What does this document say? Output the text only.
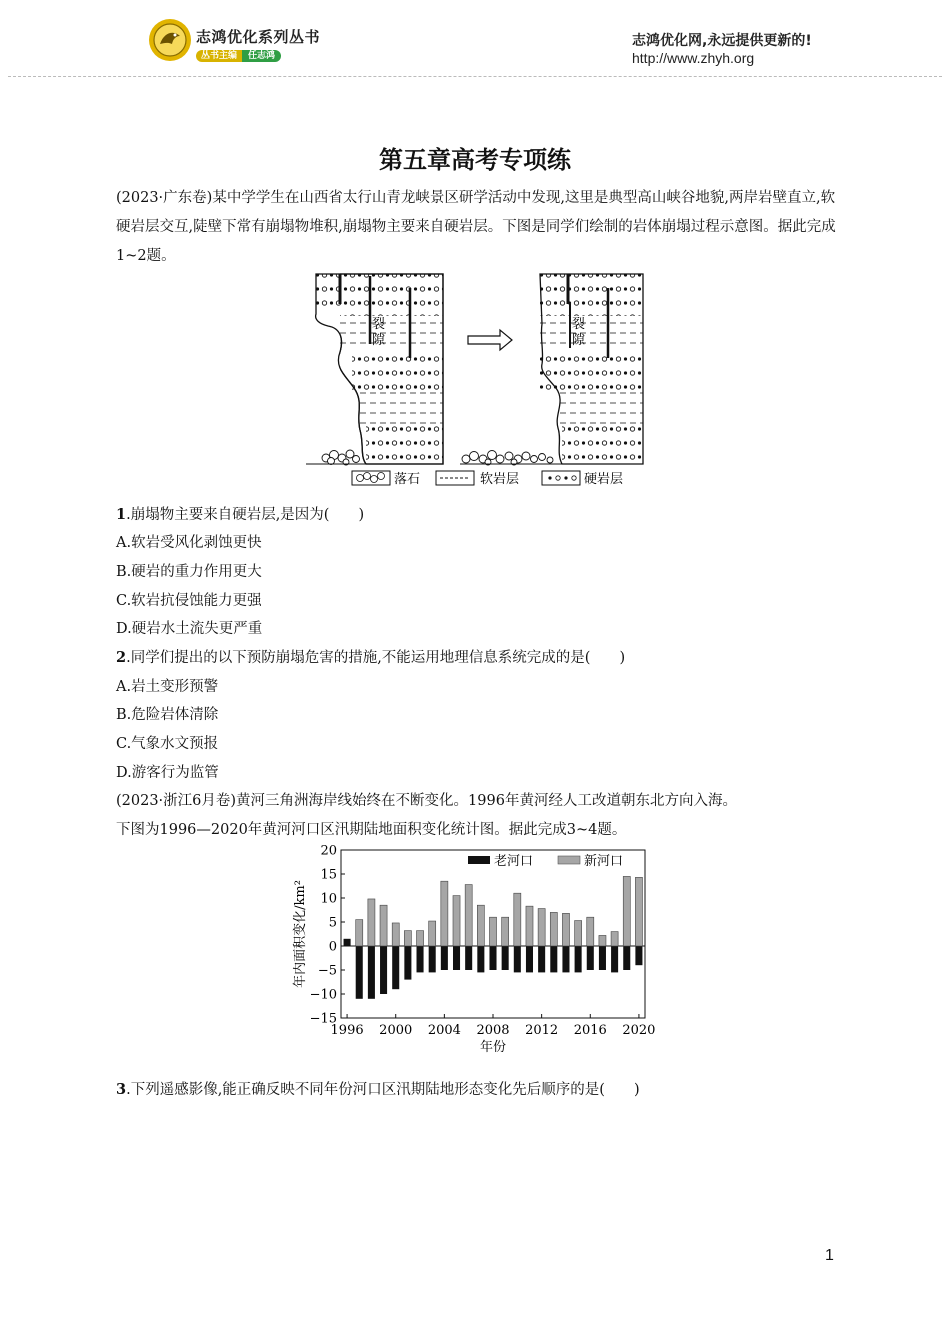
志鸿优化系列丛书
丛书主编 任志鸿
志鸿优化网,永远提供更新的!
http://www.zhyh.org
第五章高考专项练
(2023·广东卷)某中学学生在山西省太行山青龙峡景区研学活动中发现,这里是典型高山峡谷地貌,两岸岩壁直立,软硬岩层交互,陡壁下常有崩塌物堆积,崩塌物主要来自硬岩层。下图是同学们绘制的岩体崩塌过程示意图。据此完成1~2题。
裂
隙
裂
隙
落石	软岩层	硬岩层
1.崩塌物主要来自硬岩层,是因为(　　)
A.软岩受风化剥蚀更快
B.硬岩的重力作用更大
C.软岩抗侵蚀能力更强
D.硬岩水土流失更严重
2.同学们提出的以下预防崩塌危害的措施,不能运用地理信息系统完成的是(　　)
A.岩土变形预警
B.危险岩体清除
C.气象水文预报
D.游客行为监管
(2023·浙江6月卷)黄河三角洲海岸线始终在不断变化。1996年黄河经人工改道朝东北方向入海。
下图为1996—2020年黄河河口区汛期陆地面积变化统计图。据此完成3~4题。
20
15
10
5
0
−5
−10
−15
1996 2000 2004 2008 2012 2016 2020
年内面积变化/km²
年份
老河口	新河口
3.下列遥感影像,能正确反映不同年份河口区汛期陆地形态变化先后顺序的是(　　)
1
